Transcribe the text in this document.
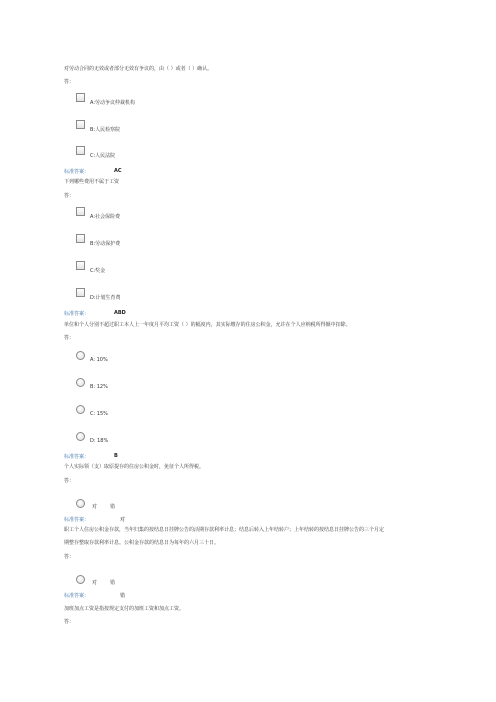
对劳动合同的无效或者部分无效有争议的，由（ ）或者（ ）确认。
答：
A:劳动争议仲裁机构
B:人民检察院
C:人民法院
标准答案：	AC
下列哪些费用不属于工资
答：
A:社会保险费
B:劳动保护费
C:奖金
D:计划生育费
标准答案：	ABD
单位和个人分别不超过职工本人上一年度月平均工资（ ）的幅度内，其实际缴存的住房公积金，允许在个人应纳税所得额中扣除。
答：
A: 10%
B: 12%
C: 15%
D: 18%
标准答案：	B
个人实际领（支）取原提存的住房公积金时，免征个人所得税。
答：
对	错
标准答案：	对
职工个人住房公积金存款，当年归集的按结息日挂牌公告的活期存款利率计息；结息后转入上年结转户；上年结转的按结息日挂牌公告的三个月定
期整存整取存款利率计息。公积金存款的结息日为每年的六月三十日。
答：
对	错
标准答案：	错
加班加点工资是指按规定支付的加班工资和加点工资。
答：
